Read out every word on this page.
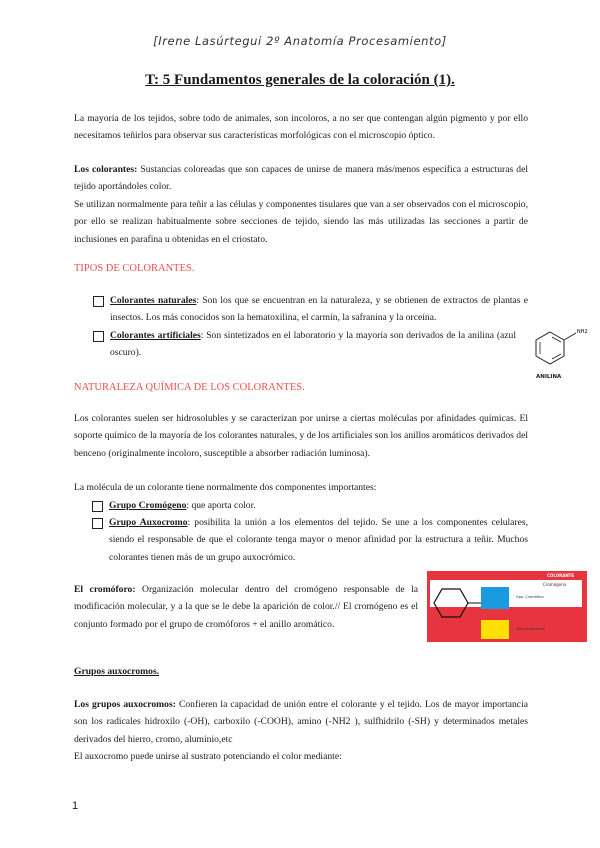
[Irene Lasúrtegui 2º Anatomía Procesamiento]
T: 5 Fundamentos generales de la coloración (1).

La mayoría de los tejidos, sobre todo de animales, son incoloros, a no ser que contengan algún pigmento y por ello necesitamos teñirlos para observar sus características morfológicas con el microscopio óptico.

Los colorantes: Sustancias coloreadas que son capaces de unirse de manera más/menos específica a estructuras del tejido aportándoles color.

Se utilizan normalmente para teñir a las células y componentes tisulares que van a ser observados con el microscopio, por ello se realizan habitualmente sobre secciones de tejido, siendo las más utilizadas las secciones a partir de inclusiones en parafina u obtenidas en el criostato.

TIPOS DE COLORANTES.
Colorantes naturales: Son los que se encuentran en la naturaleza, y se obtienen de extractos de plantas e insectos. Los más conocidos son la hematoxilina, el carmín, la safranina y la orceína.
Colorantes artificiales: Son sintetizados en el laboratorio y la mayoría son derivados de la anilina (azul oscuro).
NH2
ANILINA
NATURALEZA QUÍMICA DE LOS COLORANTES.

Los colorantes suelen ser hidrosolubles y se caracterizan por unirse a ciertas moléculas por afinidades químicas. El soporte químico de la mayoría de los colorantes naturales, y de los artificiales son los anillos aromáticos derivados del benceno (originalmente incoloro, susceptible a absorber radiación luminosa).

La molécula de un colorante tiene normalmente dos componentes importantes:

Grupo Cromógeno: que aporta color.
Grupo Auxocromo: posibilita la unión a los elementos del tejido. Se une a los componentes celulares, siendo el responsable de que el colorante tenga mayor o menor afinidad por la estructura a teñir. Muchos colorantes tienen más de un grupo auxocrómico.

El cromóforo: Organización molecular dentro del cromógeno responsable de la modificación molecular, y a la que se le debe la aparición de color.// El cromógeno es el conjunto formado por el grupo de cromóforos + el anillo aromático.

COLORANTE
Cromógeno
Gpo. Cromóforo
Gpo. Auxocromo
Grupos auxocromos.

Los grupos auxocromos: Confieren la capacidad de unión entre el colorante y el tejido. Los de mayor importancia son los radicales hidroxilo (-OH), carboxilo (-COOH), amino (-NH2 ), sulfhidrilo (-SH) y determinados metales derivados del hierro, cromo, aluminio,etc

El auxocromo puede unirse al sustrato potenciando el color mediante:

1
